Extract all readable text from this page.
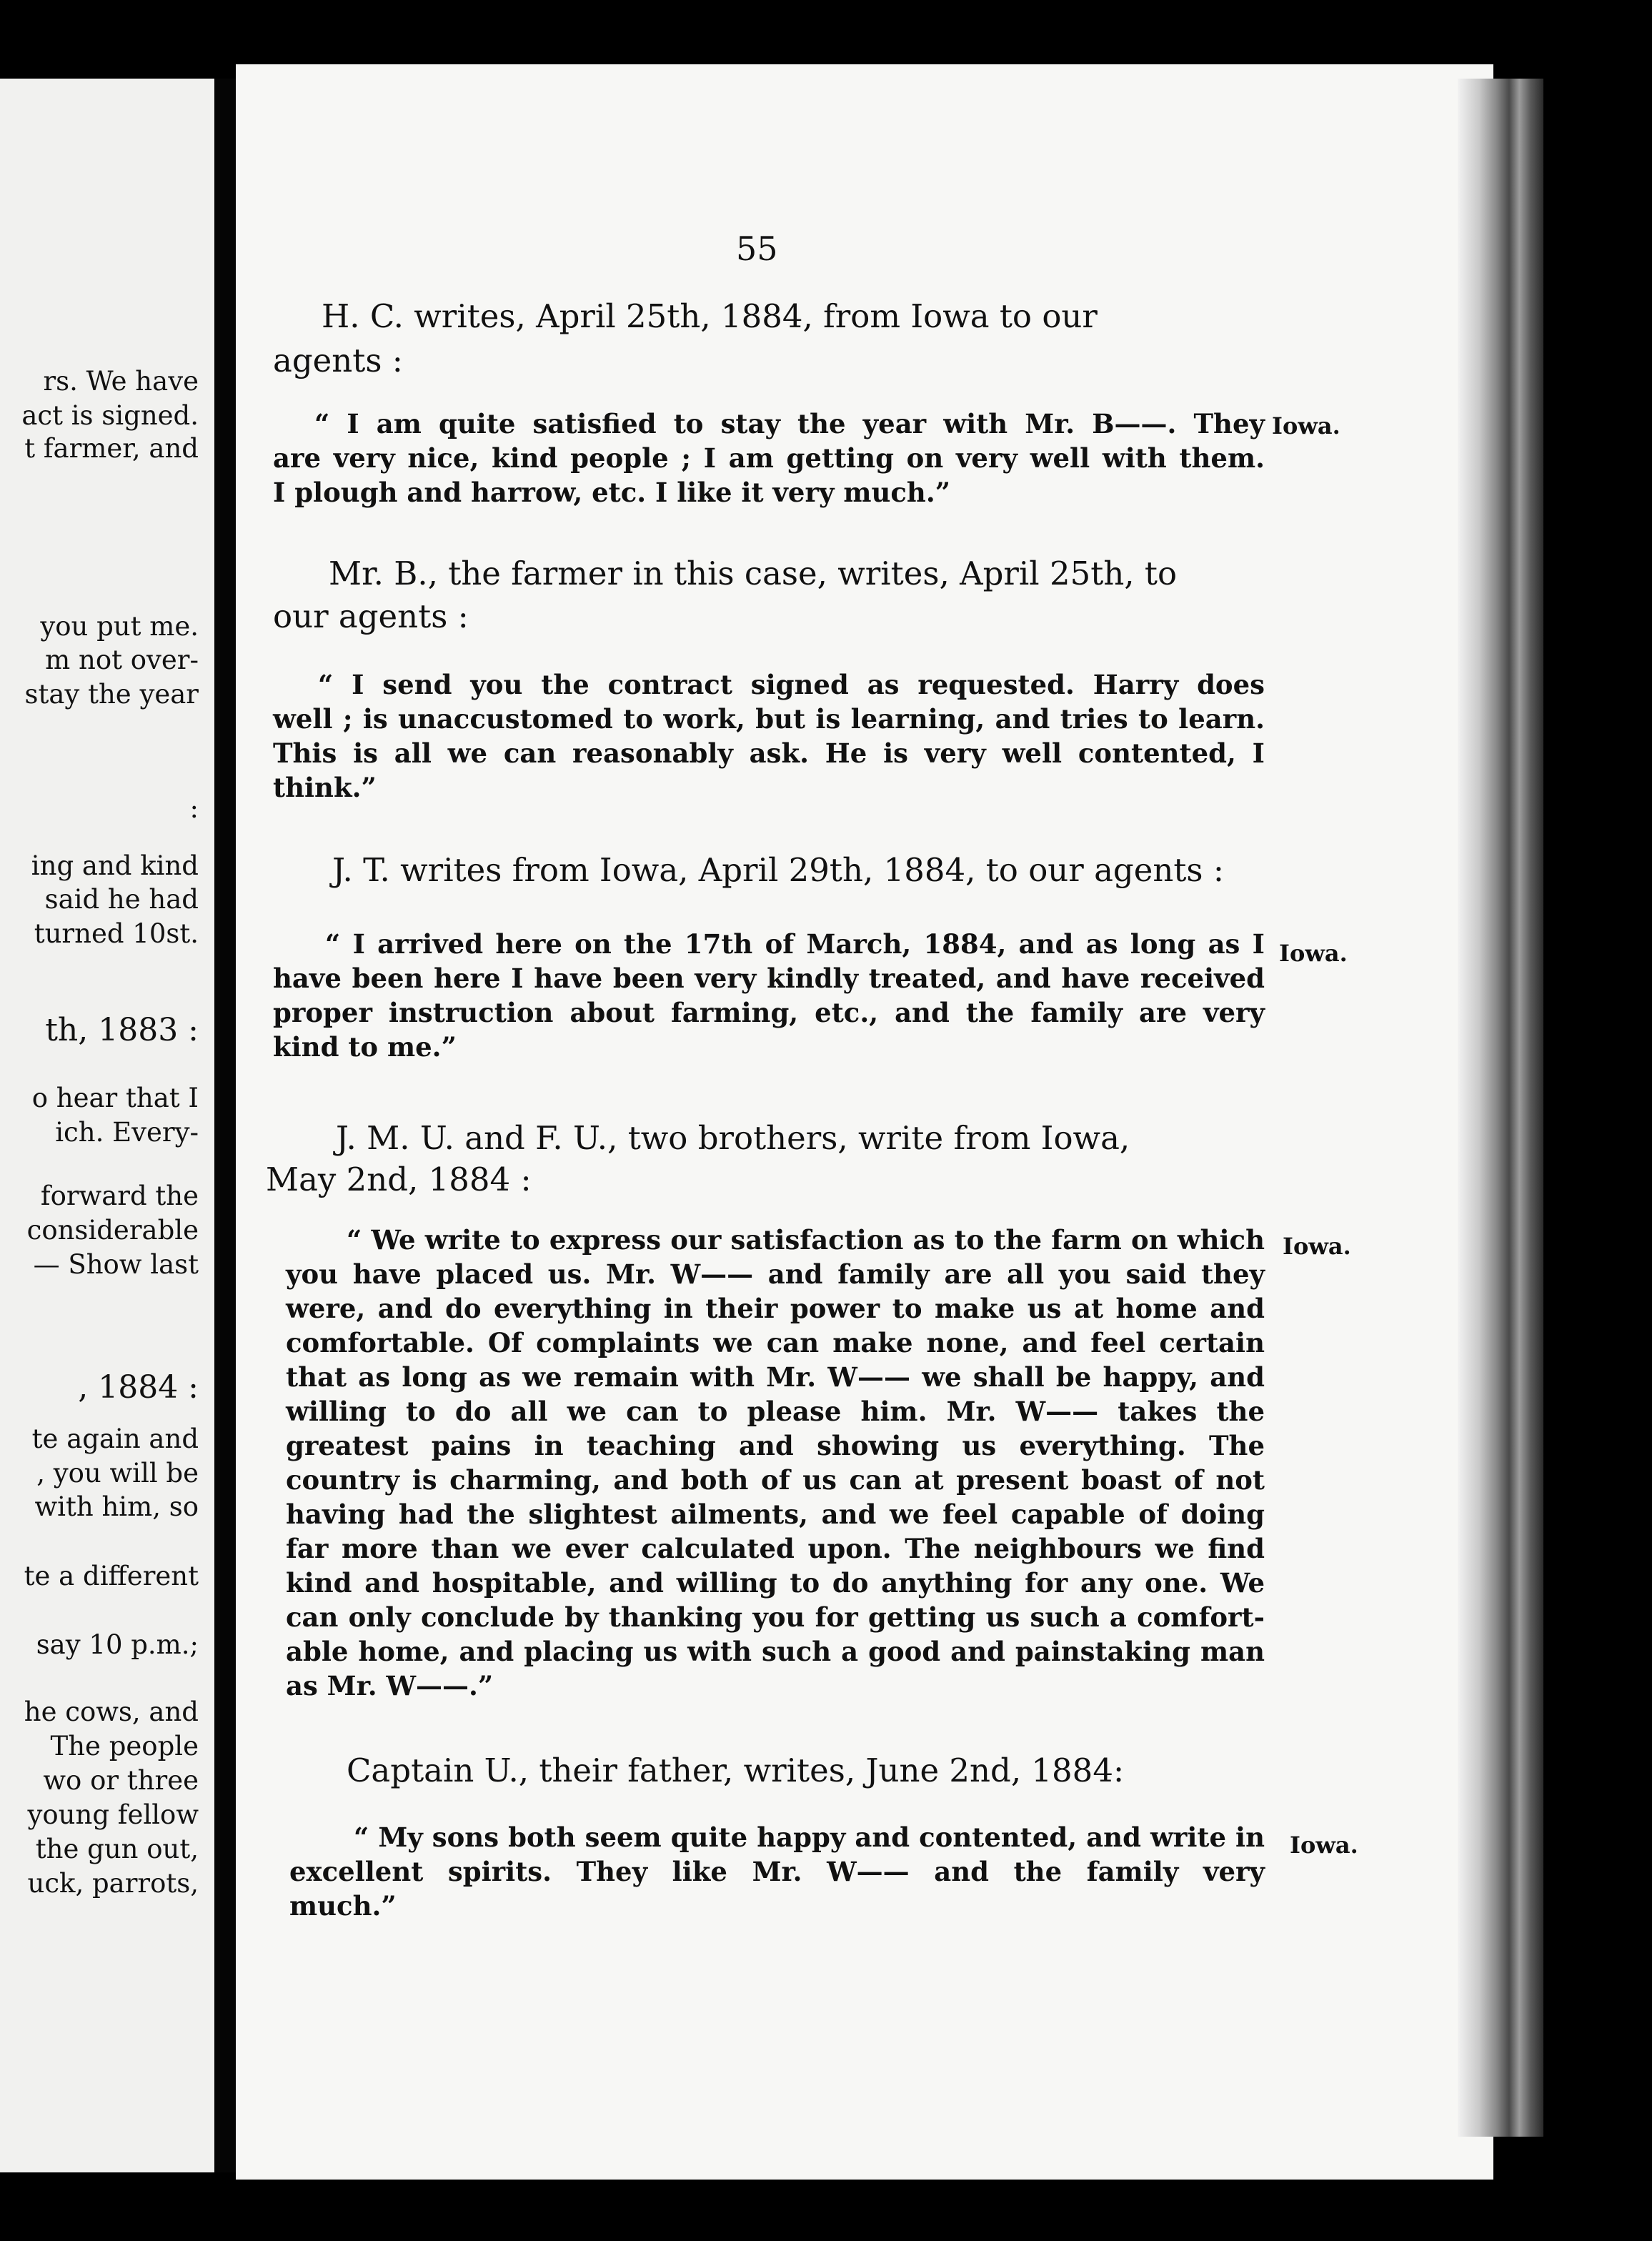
rs. We have
act is signed.
t farmer, and
you put me.
m not over-
stay the year
:
ing and kind
said he had
turned 10st.
th, 1883 :
o hear that I
ich. Every-
forward the
considerable
— Show last
, 1884 :
te again and
, you will be
with him, so
te a different
say 10 p.m.;
he cows, and
The people
wo or three
young fellow
the gun out,
uck, parrots,
55
H. C. writes, April 25th, 1884, from Iowa to our
agents :
“ I am quite satisfied to stay the year with Mr. B——. They
are very nice, kind people ; I am getting on very well with them.
I plough and harrow, etc. I like it very much.”
Iowa.
Mr. B., the farmer in this case, writes, April 25th, to
our agents :
“ I send you the contract signed as requested. Harry does
well ; is unaccustomed to work, but is learning, and tries to learn.
This is all we can reasonably ask. He is very well contented, I
think.”
J. T. writes from Iowa, April 29th, 1884, to our agents :
“ I arrived here on the 17th of March, 1884, and as long as I
have been here I have been very kindly treated, and have received
proper instruction about farming, etc., and the family are very
kind to me.”
Iowa.
J. M. U. and F. U., two brothers, write from Iowa,
May 2nd, 1884 :
“ We write to express our satisfaction as to the farm on which
you have placed us. Mr. W—— and family are all you said they
were, and do everything in their power to make us at home and
comfortable. Of complaints we can make none, and feel certain
that as long as we remain with Mr. W—— we shall be happy, and
willing to do all we can to please him. Mr. W—— takes the
greatest pains in teaching and showing us everything. The
country is charming, and both of us can at present boast of not
having had the slightest ailments, and we feel capable of doing
far more than we ever calculated upon. The neighbours we find
kind and hospitable, and willing to do anything for any one. We
can only conclude by thanking you for getting us such a comfort-
able home, and placing us with such a good and painstaking man
as Mr. W——.”
Iowa.
Captain U., their father, writes, June 2nd, 1884:
“ My sons both seem quite happy and contented, and write in
excellent spirits. They like Mr. W—— and the family very
much.”
Iowa.
